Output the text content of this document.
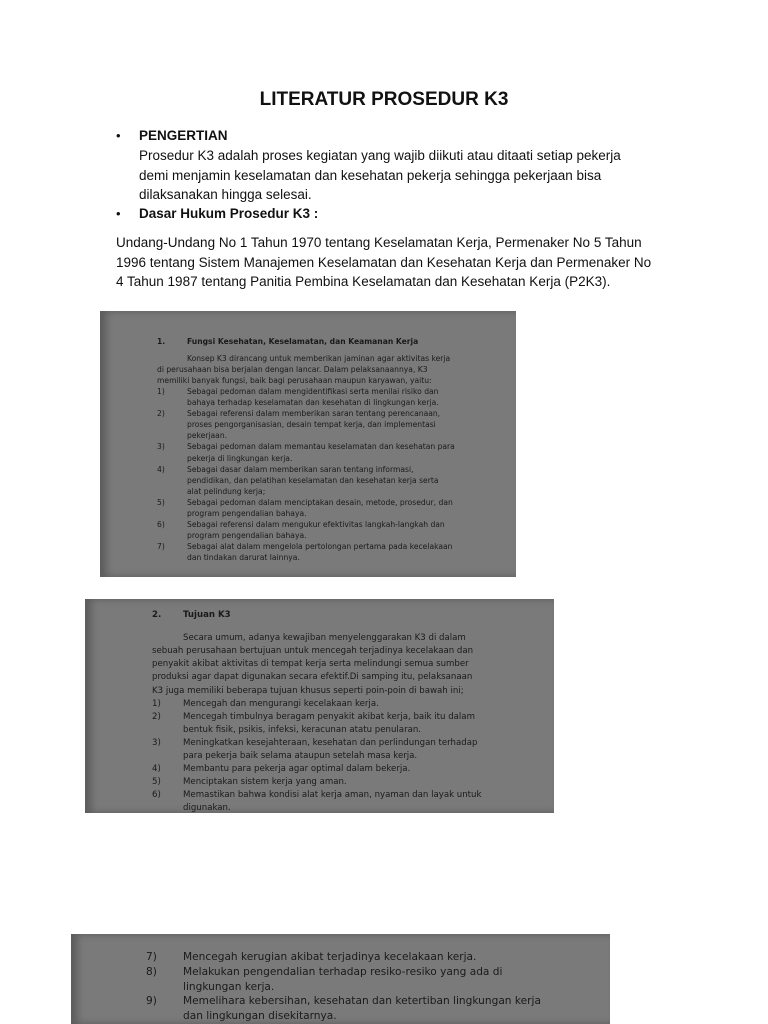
LITERATUR PROSEDUR K3
•	PENGERTIAN
Prosedur K3 adalah proses kegiatan yang wajib diikuti atau ditaati setiap pekerja
demi menjamin keselamatan dan kesehatan pekerja sehingga pekerjaan bisa
dilaksanakan hingga selesai.
•	Dasar Hukum Prosedur K3 :
Undang-Undang No 1 Tahun 1970 tentang Keselamatan Kerja, Permenaker No 5 Tahun
1996 tentang Sistem Manajemen Keselamatan dan Kesehatan Kerja dan Permenaker No
4 Tahun 1987 tentang Panitia Pembina Keselamatan dan Kesehatan Kerja (P2K3).
1.	Fungsi Kesehatan, Keselamatan, dan Keamanan Kerja
Konsep K3 dirancang untuk memberikan jaminan agar aktivitas kerja
di perusahaan bisa berjalan dengan lancar. Dalam pelaksanaannya, K3
memiliki banyak fungsi, baik bagi perusahaan maupun karyawan, yaitu:
1)	Sebagai pedoman dalam mengidentifikasi serta menilai risiko dan
bahaya terhadap keselamatan dan kesehatan di lingkungan kerja.
2)	Sebagai referensi dalam memberikan saran tentang perencanaan,
proses pengorganisasian, desain tempat kerja, dan implementasi
pekerjaan.
3)	Sebagai pedoman dalam memantau keselamatan dan kesehatan para
pekerja di lingkungan kerja.
4)	Sebagai dasar dalam memberikan saran tentang informasi,
pendidikan, dan pelatihan keselamatan dan kesehatan kerja serta
alat pelindung kerja;
5)	Sebagai pedoman dalam menciptakan desain, metode, prosedur, dan
program pengendalian bahaya.
6)	Sebagai referensi dalam mengukur efektivitas langkah-langkah dan
program pengendalian bahaya.
7)	Sebagai alat dalam mengelola pertolongan pertama pada kecelakaan
dan tindakan darurat lainnya.
2.	Tujuan K3
Secara umum, adanya kewajiban menyelenggarakan K3 di dalam
sebuah perusahaan bertujuan untuk mencegah terjadinya kecelakaan dan
penyakit akibat aktivitas di tempat kerja serta melindungi semua sumber
produksi agar dapat digunakan secara efektif.Di samping itu, pelaksanaan
K3 juga memiliki beberapa tujuan khusus seperti poin-poin di bawah ini;
1)	Mencegah dan mengurangi kecelakaan kerja.
2)	Mencegah timbulnya beragam penyakit akibat kerja, baik itu dalam
bentuk fisik, psikis, infeksi, keracunan atatu penularan.
3)	Meningkatkan kesejahteraan, kesehatan dan perlindungan terhadap
para pekerja baik selama ataupun setelah masa kerja.
4)	Membantu para pekerja agar optimal dalam bekerja.
5)	Menciptakan sistem kerja yang aman.
6)	Memastikan bahwa kondisi alat kerja aman, nyaman dan layak untuk
digunakan.
7) Mencegah kerugian akibat terjadinya kecelakaan kerja.
8) Melakukan pengendalian terhadap resiko-resiko yang ada di
lingkungan kerja.
9) Memelihara kebersihan, kesehatan dan ketertiban lingkungan kerja
dan lingkungan disekitarnya.
